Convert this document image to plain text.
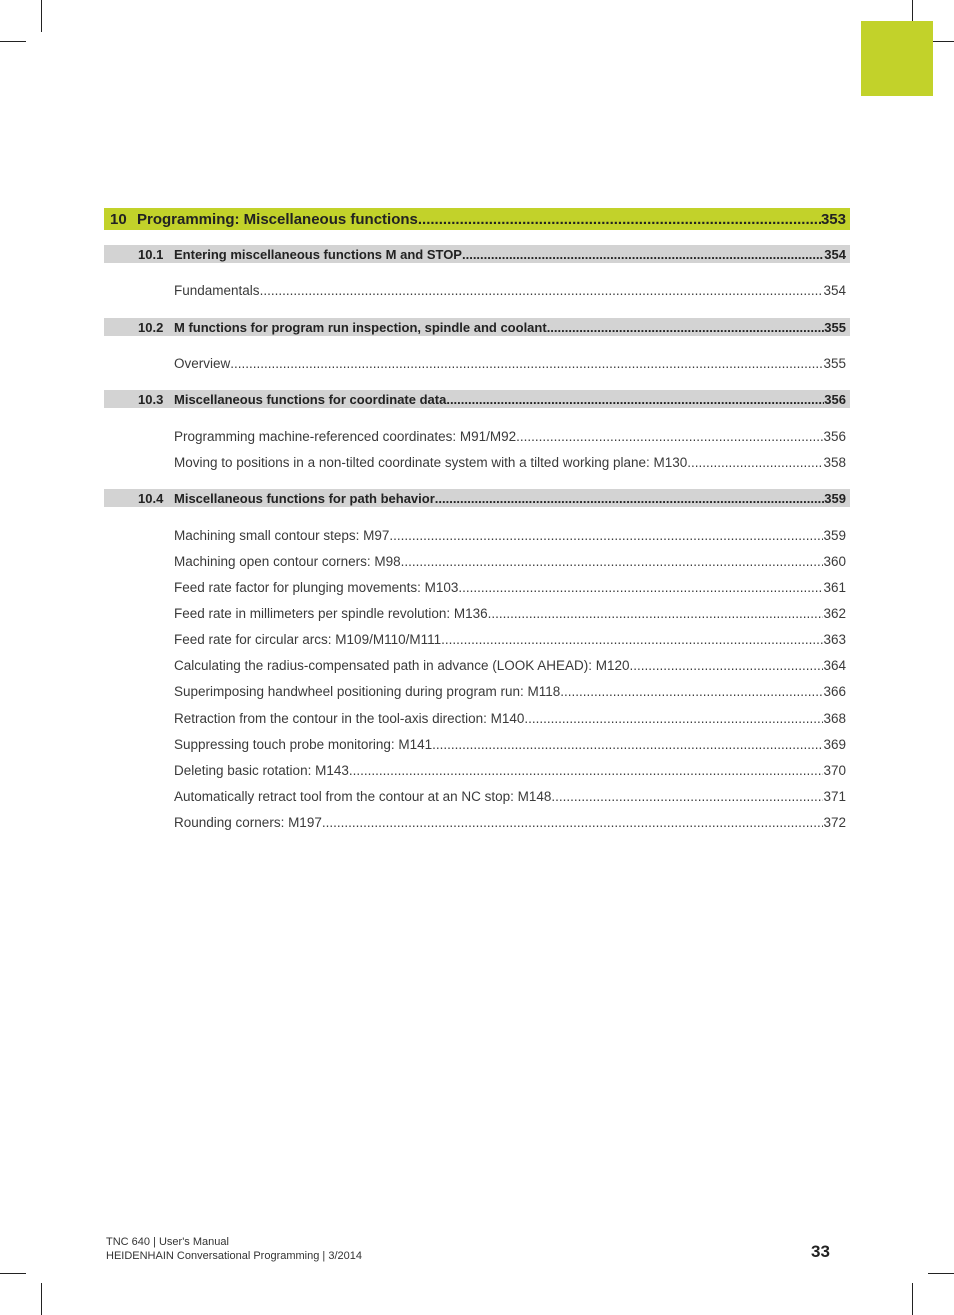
10 Programming: Miscellaneous functions .....	353
10.1 Entering miscellaneous functions M and STOP .....	354
Fundamentals .....	354
10.2 M functions for program run inspection, spindle and coolant .....	355
Overview .....	355
10.3 Miscellaneous functions for coordinate data .....	356
Programming machine-referenced coordinates: M91/M92 .....	356
Moving to positions in a non-tilted coordinate system with a tilted working plane: M130 .....	358
10.4 Miscellaneous functions for path behavior .....	359
Machining small contour steps: M97 .....	359
Machining open contour corners: M98 .....	360
Feed rate factor for plunging movements: M103 .....	361
Feed rate in millimeters per spindle revolution: M136 .....	362
Feed rate for circular arcs: M109/M110/M111 .....	363
Calculating the radius-compensated path in advance (LOOK AHEAD): M120 .....	364
Superimposing handwheel positioning during program run: M118 .....	366
Retraction from the contour in the tool-axis direction: M140 .....	368
Suppressing touch probe monitoring: M141 .....	369
Deleting basic rotation: M143 .....	370
Automatically retract tool from the contour at an NC stop: M148 .....	371
Rounding corners: M197 .....	372
TNC 640 | User's Manual
HEIDENHAIN Conversational Programming | 3/2014	33
